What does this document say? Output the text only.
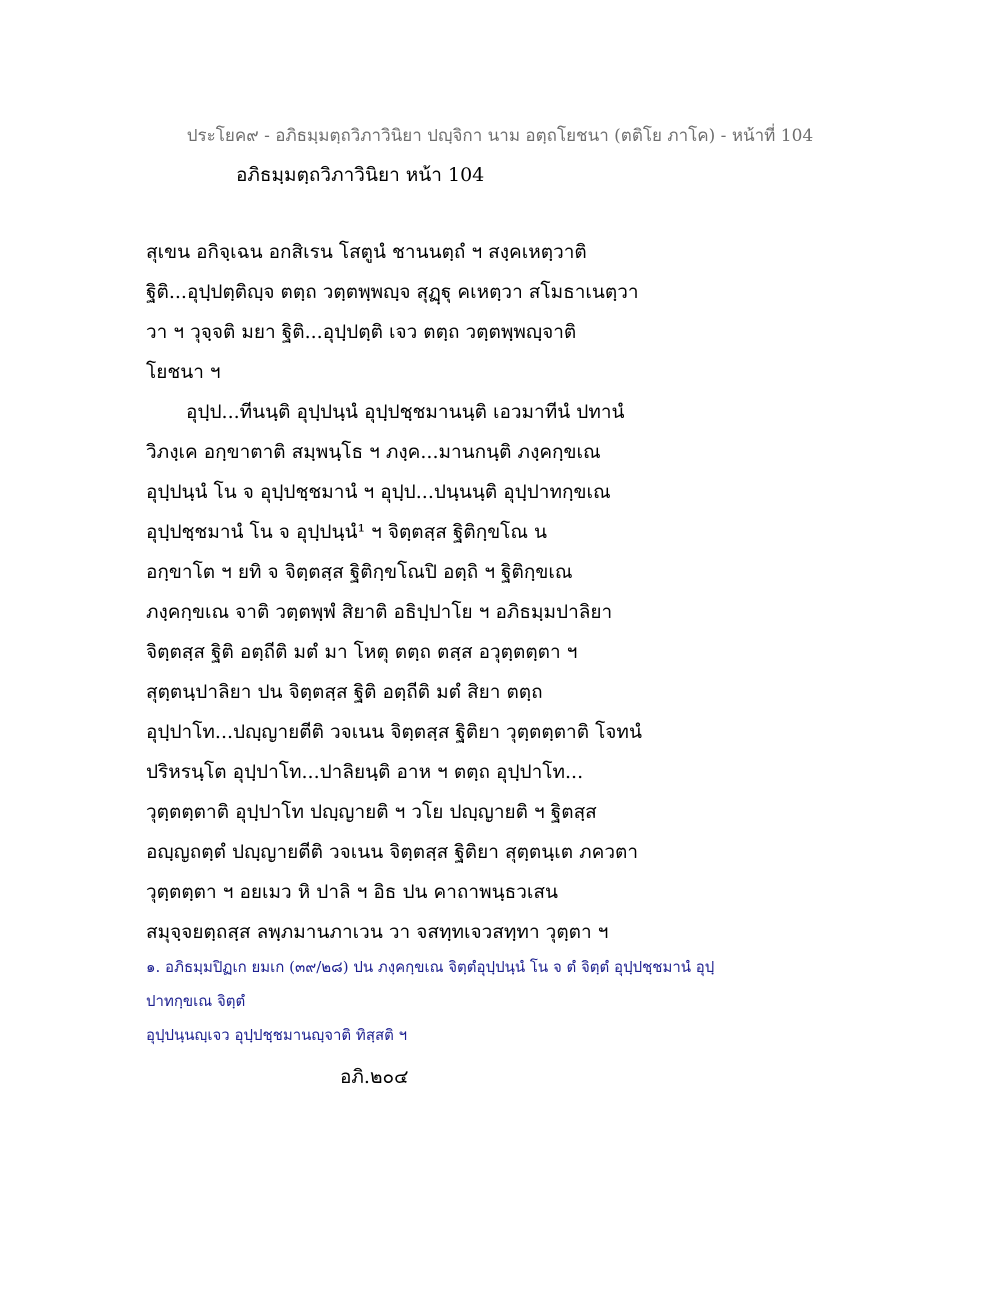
ประโยค๙ - อภิธมฺมตฺถวิภาวินิยา ปญฺจิกา นาม อตฺถโยชนา (ตติโย ภาโค) - หน้าที่ 104
อภิธมฺมตฺถวิภาวินิยา หน้า 104
สุเขน อกิจฺเฉน อกสิเรน โสตูนํ ชานนตฺถํ ฯ สงฺคเหตฺวาติ
ฐิติ...อุปฺปตฺติญฺจ ตตฺถ วตฺตพฺพญฺจ สุฏฺฐุ คเหตฺวา สโมธาเนตฺวา
วา ฯ วุจฺจติ มยา ฐิติ...อุปฺปตฺติ เจว ตตฺถ วตฺตพฺพญฺจาติ
โยชนา ฯ
อุปฺป...ทีนนฺติ อุปฺปนฺนํ อุปฺปชฺชมานนฺติ เอวมาทีนํ ปทานํ
วิภงฺเค อกฺขาตาติ สมฺพนฺโธ ฯ ภงฺค...มานกนฺติ ภงฺคกฺขเณ
อุปฺปนฺนํ โน จ อุปฺปชฺชมานํ ฯ อุปฺป...ปนฺนนฺติ อุปฺปาทกฺขเณ
อุปฺปชฺชมานํ โน จ อุปฺปนฺนํ¹ ฯ จิตฺตสฺส ฐิติกฺขโณ น
อกฺขาโต ฯ ยทิ จ จิตฺตสฺส ฐิติกฺขโณปิ อตฺถิ ฯ ฐิติกฺขเณ
ภงฺคกฺขเณ จาติ วตฺตพฺพํ สิยาติ อธิปฺปาโย ฯ อภิธมฺมปาลิยา
จิตฺตสฺส ฐิติ อตฺถีติ มตํ มา โหตุ ตตฺถ ตสฺส อวุตฺตตฺตา ฯ
สุตฺตนฺปาลิยา ปน จิตฺตสฺส ฐิติ อตฺถีติ มตํ สิยา ตตฺถ
อุปฺปาโท...ปญฺญายตีติ วจเนน จิตฺตสฺส ฐิติยา วุตฺตตฺตาติ โจทนํ
ปริหรนฺโต อุปฺปาโท...ปาลิยนฺติ อาห ฯ ตตฺถ อุปฺปาโท...
วุตฺตตฺตาติ อุปฺปาโท ปญฺญายติ ฯ วโย ปญฺญายติ ฯ ฐิตสฺส
อญฺญถตฺตํ ปญฺญายตีติ วจเนน จิตฺตสฺส ฐิติยา สุตฺตนฺเต ภควตา
วุตฺตตฺตา ฯ อยเมว หิ ปาลิ ฯ อิธ ปน คาถาพนฺธวเสน
สมุจฺจยตฺถสฺส ลพฺภมานภาเวน วา จสทฺทเจวสทฺทา วุตฺตา ฯ
๑. อภิธมฺมปิฏเก ยมเก (๓๙/๒๘) ปน ภงฺคกฺขเณ จิตฺตํอุปฺปนฺนํ โน จ ตํ จิตฺตํ อุปฺปชฺชมานํ อุปฺ
ปาทกฺขเณ จิตฺตํ
อุปฺปนฺนญฺเจว อุปฺปชฺชมานญฺจาติ ทิสฺสติ ฯ
อภิ.๒๐๔
